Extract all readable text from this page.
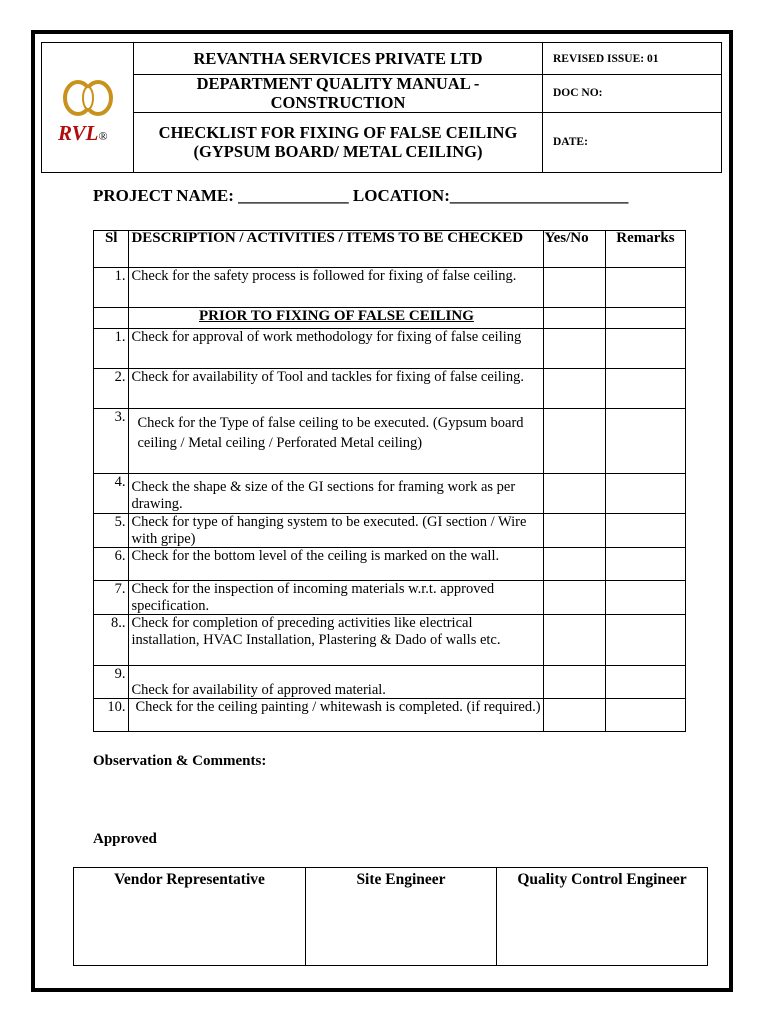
RVL®
REVANTHA SERVICES PRIVATE LTD
DEPARTMENT QUALITY MANUAL - CONSTRUCTION
CHECKLIST FOR FIXING OF FALSE CEILING
(GYPSUM BOARD/ METAL CEILING)
REVISED ISSUE: 01
DOC NO:
DATE:
PROJECT NAME: _____________ LOCATION:_____________________
Sl	DESCRIPTION / ACTIVITIES / ITEMS TO BE CHECKED	Yes/No	Remarks
1.	Check for the safety process is followed for fixing of false ceiling.		
	PRIOR TO FIXING OF FALSE CEILING		
1.	Check for approval of work methodology for fixing of false ceiling		
2.	Check for availability of Tool and tackles for fixing of false ceiling.		
3.	Check for the Type of false ceiling to be executed. (Gypsum board ceiling / Metal ceiling / Perforated Metal ceiling)		
4.	Check the shape & size of the GI sections for framing work as per drawing.		
5.	Check for type of hanging system to be executed. (GI section / Wire with gripe)		
6.	Check for the bottom level of the ceiling is marked on the wall.		
7.	Check for the inspection of incoming materials w.r.t. approved specification.		
8..	Check for completion of preceding activities like electrical installation, HVAC Installation, Plastering & Dado of walls etc.		
9.	Check for availability of approved material.		
10.	Check for the ceiling painting / whitewash is completed. (if required.)		
Observation & Comments:
Approved
Vendor Representative	Site Engineer	Quality Control Engineer
